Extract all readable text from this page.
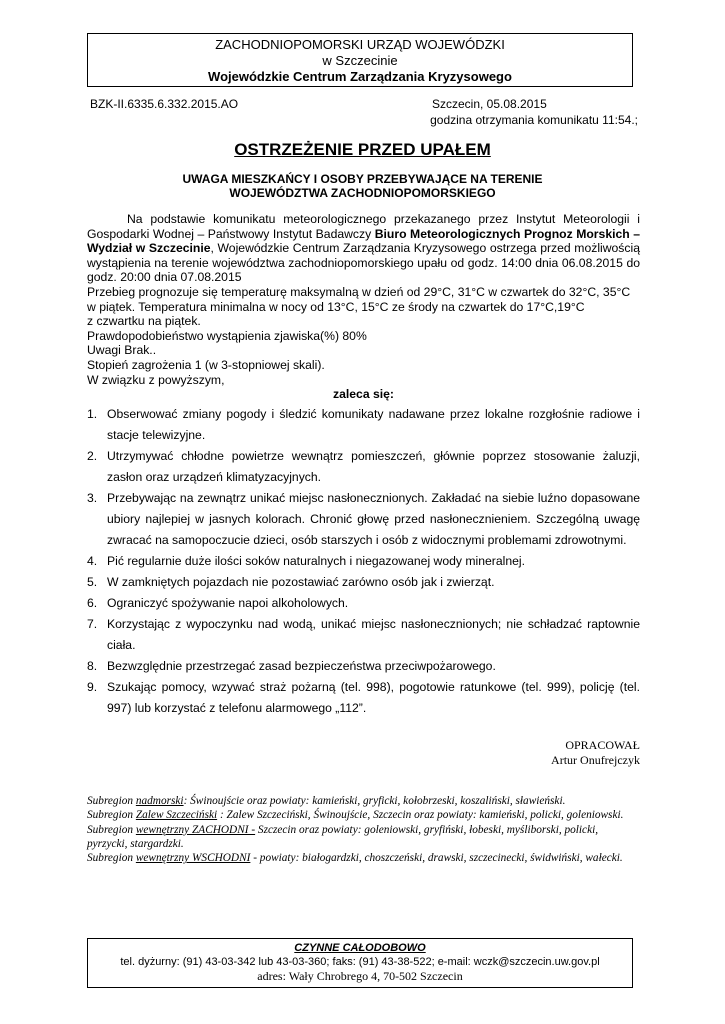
ZACHODNIOPOMORSKI URZĄD WOJEWÓDZKI
w Szczecinie
Wojewódzkie Centrum Zarządzania Kryzysowego
BZK-II.6335.6.332.2015.AO	Szczecin, 05.08.2015
godzina otrzymania komunikatu 11:54.;
OSTRZEŻENIE PRZED UPAŁEM
UWAGA MIESZKAŃCY I OSOBY PRZEBYWAJĄCE NA TERENIE
WOJEWÓDZTWA ZACHODNIOPOMORSKIEGO

Na podstawie komunikatu meteorologicznego przekazanego przez Instytut Meteorologii i Gospodarki Wodnej – Państwowy Instytut Badawczy Biuro Meteorologicznych Prognoz Morskich – Wydział w Szczecinie, Wojewódzkie Centrum Zarządzania Kryzysowego ostrzega przed możliwością wystąpienia na terenie województwa zachodniopomorskiego upału od godz. 14:00 dnia 06.08.2015 do godz. 20:00 dnia 07.08.2015

Przebieg prognozuje się temperaturę maksymalną w dzień od 29°C, 31°C w czwartek do 32°C, 35°C

w piątek. Temperatura minimalna w nocy od 13°C, 15°C ze środy na czwartek do 17°C,19°C

z czwartku na piątek.

Prawdopodobieństwo wystąpienia zjawiska(%) 80%

Uwagi Brak..

Stopień zagrożenia 1 (w 3-stopniowej skali).

W związku z powyższym,

zaleca się:

1. Obserwować zmiany pogody i śledzić komunikaty nadawane przez lokalne rozgłośnie radiowe i stacje telewizyjne.
2. Utrzymywać chłodne powietrze wewnątrz pomieszczeń, głównie poprzez stosowanie żaluzji, zasłon oraz urządzeń klimatyzacyjnych.
3. Przebywając na zewnątrz unikać miejsc nasłonecznionych. Zakładać na siebie luźno dopasowane ubiory najlepiej w jasnych kolorach. Chronić głowę przed nasłonecznieniem. Szczególną uwagę zwracać na samopoczucie dzieci, osób starszych i osób z widocznymi problemami zdrowotnymi.
4. Pić regularnie duże ilości soków naturalnych i niegazowanej wody mineralnej.
5. W zamkniętych pojazdach nie pozostawiać zarówno osób jak i zwierząt.
6. Ograniczyć spożywanie napoi alkoholowych.
7. Korzystając z wypoczynku nad wodą, unikać miejsc nasłonecznionych; nie schładzać raptownie ciała.
8. Bezwzględnie przestrzegać zasad bezpieczeństwa przeciwpożarowego.
9. Szukając pomocy, wzywać straż pożarną (tel. 998), pogotowie ratunkowe (tel. 999), policję (tel. 997) lub korzystać z telefonu alarmowego „112”.
OPRACOWAŁ
Artur Onufrejczyk

Subregion nadmorski: Świnoujście oraz powiaty: kamieński, gryficki, kołobrzeski, koszaliński, sławieński.

Subregion Zalew Szczeciński : Zalew Szczeciński, Świnoujście, Szczecin oraz powiaty: kamieński, policki, goleniowski.

Subregion wewnętrzny ZACHODNI - Szczecin oraz powiaty: goleniowski, gryfiński, łobeski, myśliborski, policki, pyrzycki, stargardzki.

Subregion wewnętrzny WSCHODNI - powiaty: białogardzki, choszczeński, drawski, szczecinecki, świdwiński, wałecki.

CZYNNE CAŁODOBOWO
tel. dyżurny: (91) 43-03-342 lub 43-03-360; faks: (91) 43-38-522; e-mail: wczk@szczecin.uw.gov.pl
adres: Wały Chrobrego 4, 70-502 Szczecin
